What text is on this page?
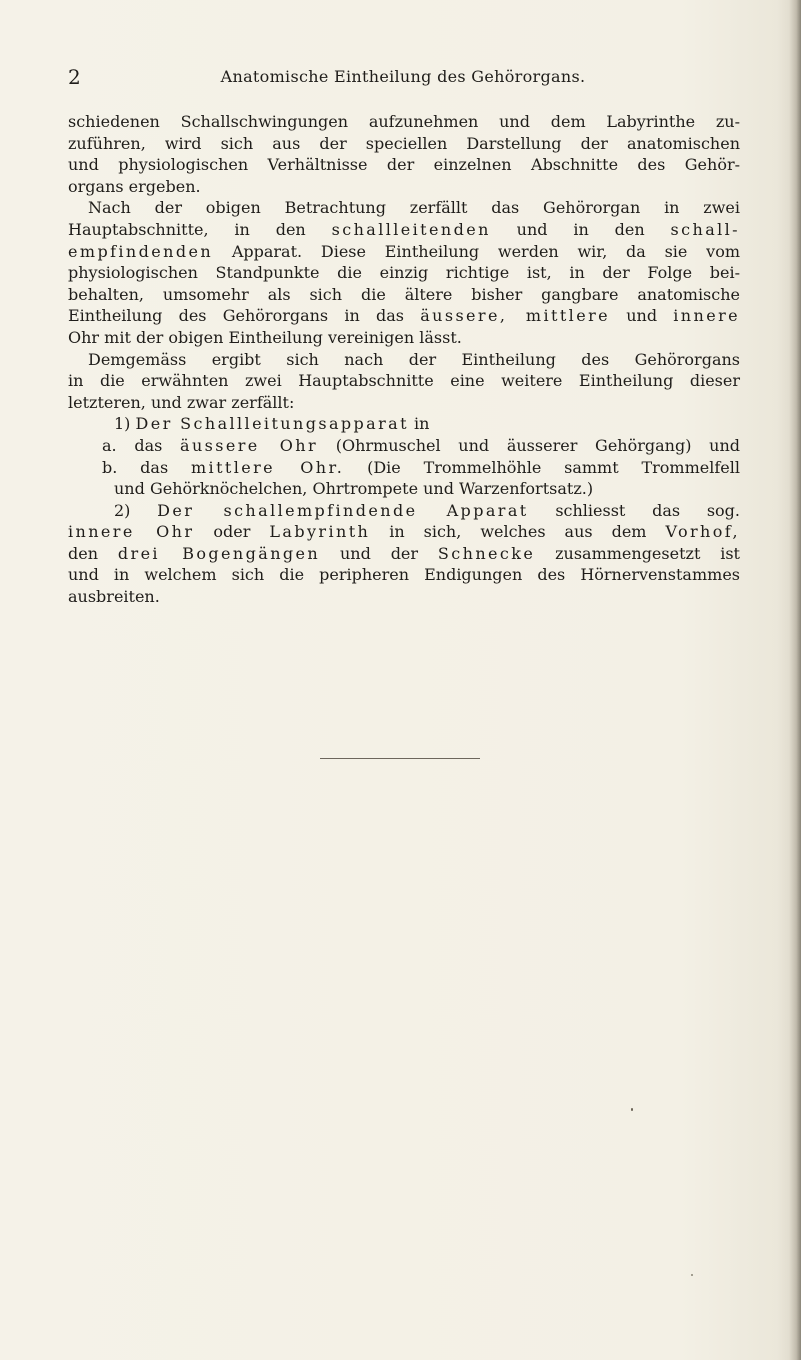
2	Anatomische Eintheilung des Gehörorgans.
schiedenen Schallschwingungen aufzunehmen und dem Labyrinthe zu-
zuführen, wird sich aus der speciellen Darstellung der anatomischen
und physiologischen Verhältnisse der einzelnen Abschnitte des Gehör-
organs ergeben.
Nach der obigen Betrachtung zerfällt das Gehörorgan in zwei
Hauptabschnitte, in den schallleitenden und in den schall-
empfindenden Apparat. Diese Eintheilung werden wir, da sie vom
physiologischen Standpunkte die einzig richtige ist, in der Folge bei-
behalten, umsomehr als sich die ältere bisher gangbare anatomische
Eintheilung des Gehörorgans in das äussere, mittlere und innere
Ohr mit der obigen Eintheilung vereinigen lässt.
Demgemäss ergibt sich nach der Eintheilung des Gehörorgans
in die erwähnten zwei Hauptabschnitte eine weitere Eintheilung dieser
letzteren, und zwar zerfällt:
1) Der Schallleitungsapparat in
a. das äussere Ohr (Ohrmuschel und äusserer Gehörgang) und
b. das mittlere Ohr. (Die Trommelhöhle sammt Trommelfell
und Gehörknöchelchen, Ohrtrompete und Warzenfortsatz.)
2) Der schallempfindende Apparat schliesst das sog.
innere Ohr oder Labyrinth in sich, welches aus dem Vorhof,
den drei Bogengängen und der Schnecke zusammengesetzt ist
und in welchem sich die peripheren Endigungen des Hörnervenstammes
ausbreiten.
